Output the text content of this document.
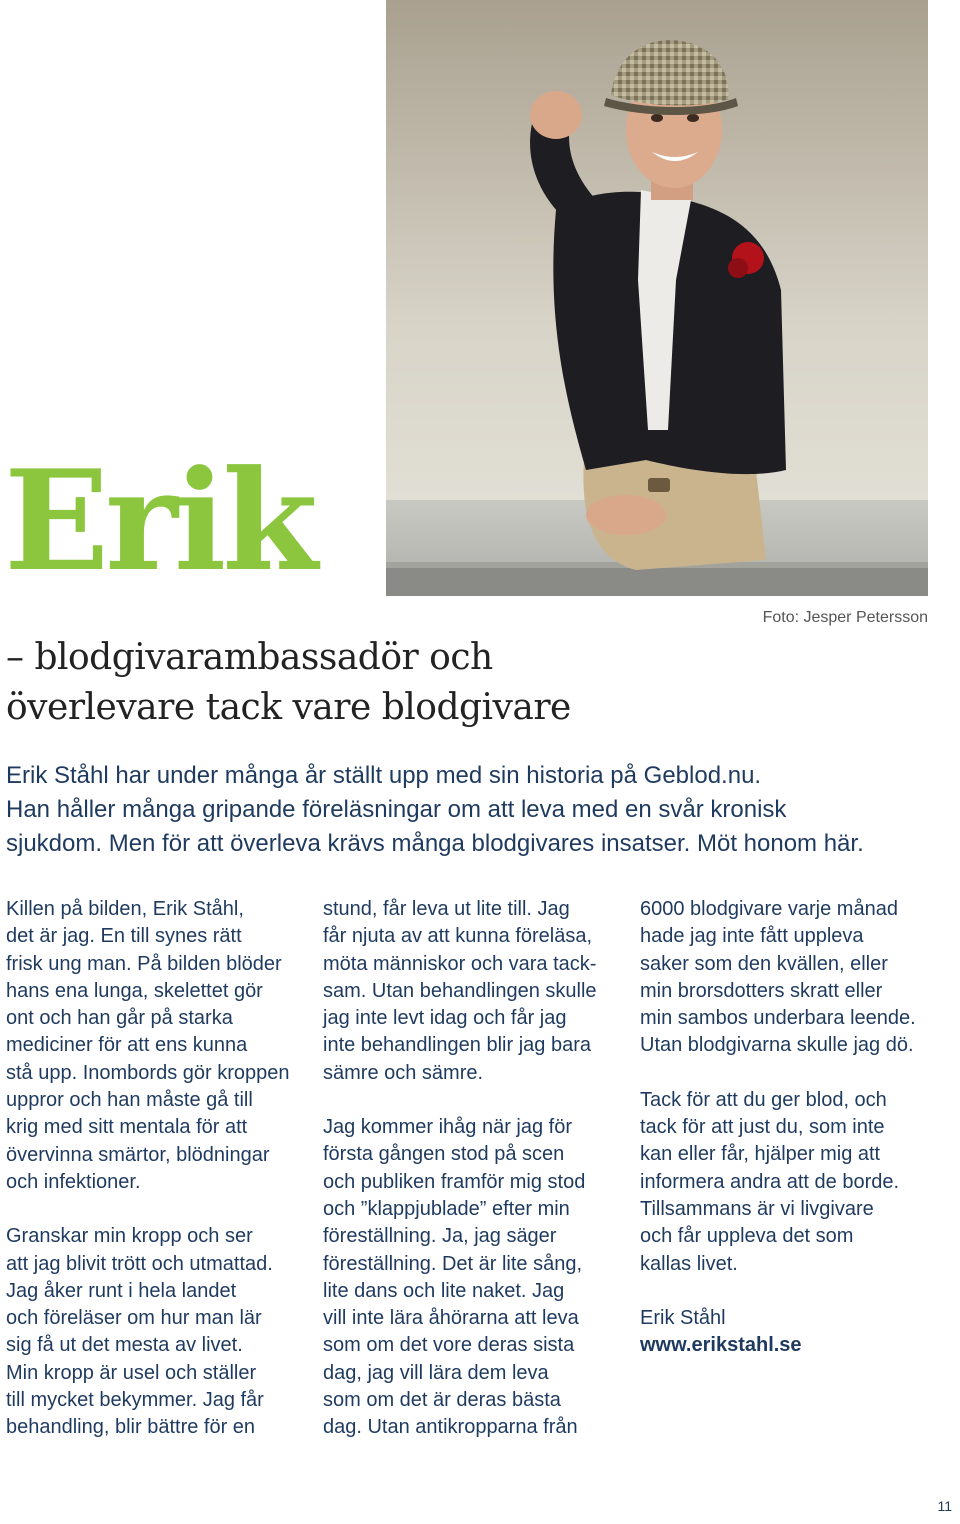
Foto: Jesper Petersson
Erik
– blodgivarambassadör och
överlevare tack vare blodgivare

Erik Ståhl har under många år ställt upp med sin historia på Geblod.nu.
Han håller många gripande föreläsningar om att leva med en svår kronisk
sjukdom. Men för att överleva krävs många blodgivares insatser. Möt honom här.

Killen på bilden, Erik Ståhl,
det är jag. En till synes rätt
frisk ung man. På bilden blöder
hans ena lunga, skelettet gör
ont och han går på starka
mediciner för att ens kunna
stå upp. Inombords gör kroppen
uppror och han måste gå till
krig med sitt mentala för att
övervinna smärtor, blödningar
och infektioner.

Granskar min kropp och ser
att jag blivit trött och utmattad.
Jag åker runt i hela landet
och föreläser om hur man lär
sig få ut det mesta av livet.
Min kropp är usel och ställer
till mycket bekymmer. Jag får
behandling, blir bättre för en

stund, får leva ut lite till. Jag
får njuta av att kunna föreläsa,
möta människor och vara tack-
sam. Utan behandlingen skulle
jag inte levt idag och får jag
inte behandlingen blir jag bara
sämre och sämre.

Jag kommer ihåg när jag för
första gången stod på scen
och publiken framför mig stod
och ”klappjublade” efter min
föreställning. Ja, jag säger
föreställning. Det är lite sång,
lite dans och lite naket. Jag
vill inte lära åhörarna att leva
som om det vore deras sista
dag, jag vill lära dem leva
som om det är deras bästa
dag. Utan antikropparna från

6000 blodgivare varje månad
hade jag inte fått uppleva
saker som den kvällen, eller
min brorsdotters skratt eller
min sambos underbara leende.
Utan blodgivarna skulle jag dö.

Tack för att du ger blod, och
tack för att just du, som inte
kan eller får, hjälper mig att
informera andra att de borde.
Tillsammans är vi livgivare
och får uppleva det som
kallas livet.

Erik Ståhl
www.erikstahl.se

11
